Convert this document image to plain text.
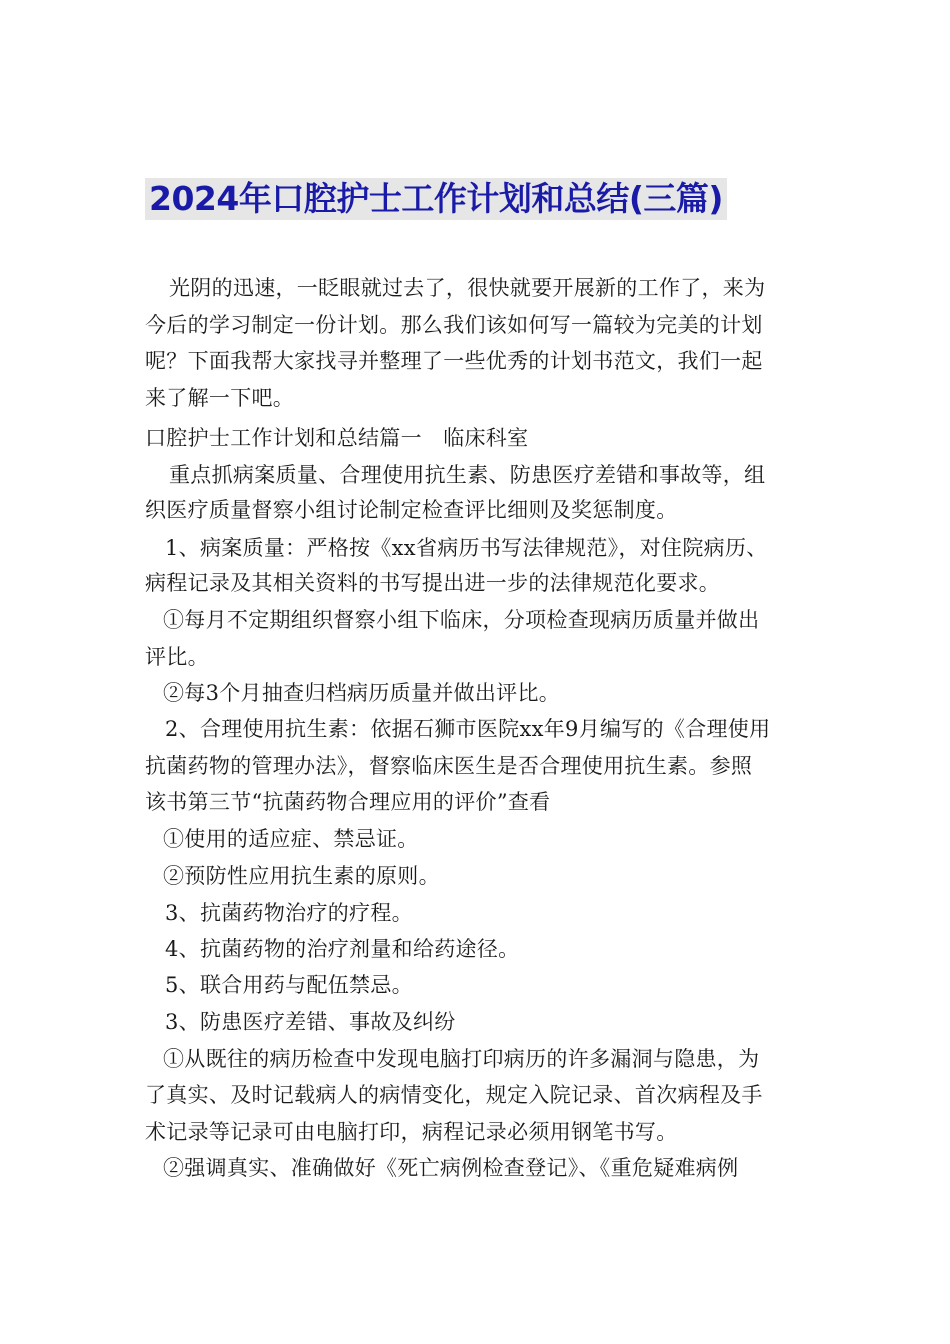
2024年口腔护士工作计划和总结(三篇)
光阴的迅速，一眨眼就过去了，很快就要开展新的工作了，来为
今后的学习制定一份计划。那么我们该如何写一篇较为完美的计划
呢？下面我帮大家找寻并整理了一些优秀的计划书范文，我们一起
来了解一下吧。
口腔护士工作计划和总结篇一　临床科室
重点抓病案质量、合理使用抗生素、防患医疗差错和事故等，组
织医疗质量督察小组讨论制定检查评比细则及奖惩制度。
1、病案质量：严格按《xx省病历书写法律规范》，对住院病历、
病程记录及其相关资料的书写提出进一步的法律规范化要求。
①每月不定期组织督察小组下临床，分项检查现病历质量并做出
评比。
②每3个月抽查归档病历质量并做出评比。
2、合理使用抗生素：依据石狮市医院xx年9月编写的《合理使用
抗菌药物的管理办法》，督察临床医生是否合理使用抗生素。参照
该书第三节“抗菌药物合理应用的评价”查看
①使用的适应症、禁忌证。
②预防性应用抗生素的原则。
3、抗菌药物治疗的疗程。
4、抗菌药物的治疗剂量和给药途径。
5、联合用药与配伍禁忌。
3、防患医疗差错、事故及纠纷
①从既往的病历检查中发现电脑打印病历的许多漏洞与隐患，为
了真实、及时记载病人的病情变化，规定入院记录、首次病程及手
术记录等记录可由电脑打印，病程记录必须用钢笔书写。
②强调真实、准确做好《死亡病例检查登记》、《重危疑难病例
